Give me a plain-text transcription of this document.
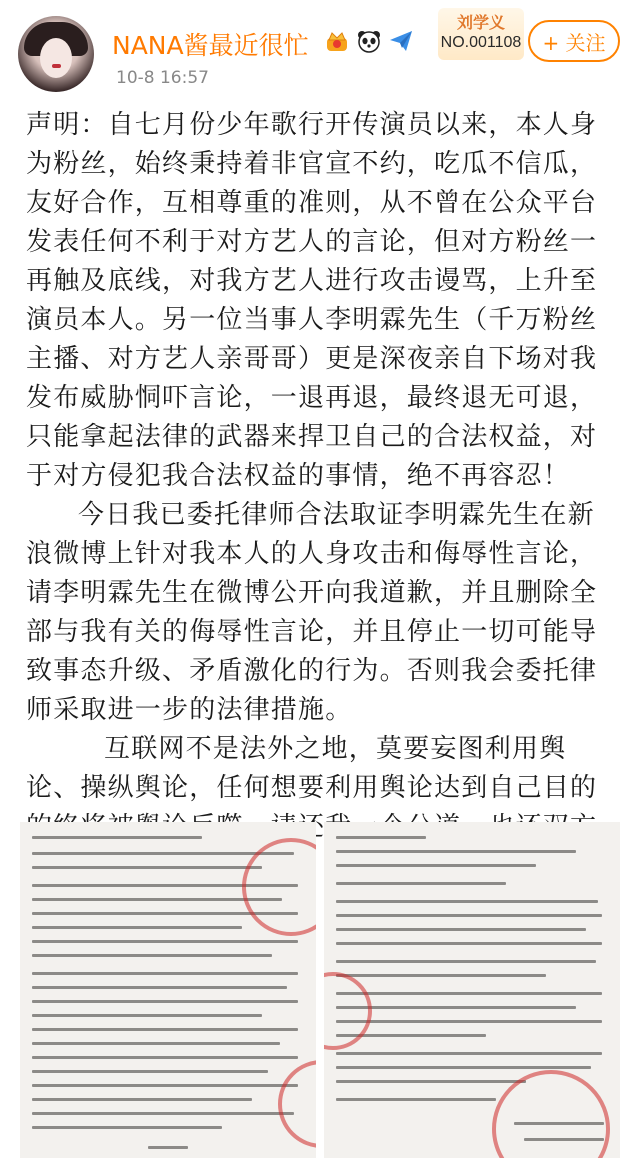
NANA酱最近很忙
10-8 16:57
刘学义
NO.001108	+ 关注

声明：自七月份少年歌行开传演员以来，本人身为粉丝，始终秉持着非官宣不约，吃瓜不信瓜，友好合作，互相尊重的准则，从不曾在公众平台发表任何不利于对方艺人的言论，但对方粉丝一再触及底线，对我方艺人进行攻击谩骂，上升至演员本人。另一位当事人李明霖先生（千万粉丝主播、对方艺人亲哥哥）更是深夜亲自下场对我发布威胁恫吓言论，一退再退，最终退无可退，只能拿起法律的武器来捍卫自己的合法权益，对于对方侵犯我合法权益的事情，绝不再容忍！

今日我已委托律师合法取证李明霖先生在新浪微博上针对我本人的人身攻击和侮辱性言论，请李明霖先生在微博公开向我道歉，并且删除全部与我有关的侮辱性言论，并且停止一切可能导致事态升级、矛盾激化的行为。否则我会委托律师采取进一步的法律措施。

互联网不是法外之地，莫要妄图利用舆论、操纵舆论，任何想要利用舆论达到自己目的
